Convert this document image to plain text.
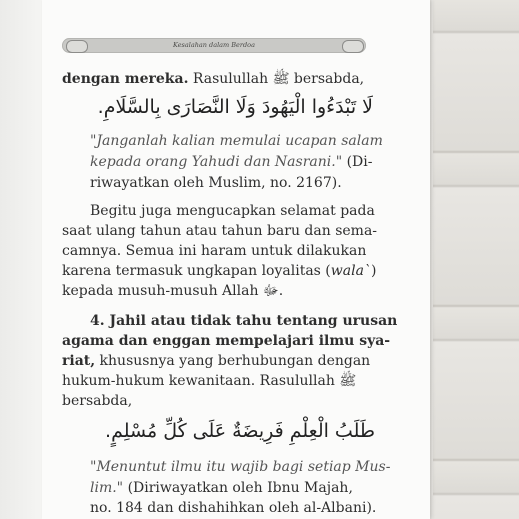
Kesalahan dalam Berdoa
dengan mereka. Rasulullah ﷺ bersabda,
لَا تَبْدَءُوا الْيَهُودَ وَلَا النَّصَارَى بِالسَّلَامِ.
"Janganlah kalian memulai ucapan salam
kepada orang Yahudi dan Nasrani." (Di-
riwayatkan oleh Muslim, no. 2167).
Begitu juga mengucapkan selamat pada
saat ulang tahun atau tahun baru dan sema-
camnya. Semua ini haram untuk dilakukan
karena termasuk ungkapan loyalitas (wala`)
kepada musuh-musuh Allah ﷻ.
4. Jahil atau tidak tahu tentang urusan
agama dan enggan mempelajari ilmu sya-
riat, khususnya yang berhubungan dengan
hukum-hukum kewanitaan. Rasulullah ﷺ
bersabda,
طَلَبُ الْعِلْمِ فَرِيضَةٌ عَلَى كُلِّ مُسْلِمٍ.
"Menuntut ilmu itu wajib bagi setiap Mus-
lim." (Diriwayatkan oleh Ibnu Majah,
no. 184 dan dishahihkan oleh al-Albani).
